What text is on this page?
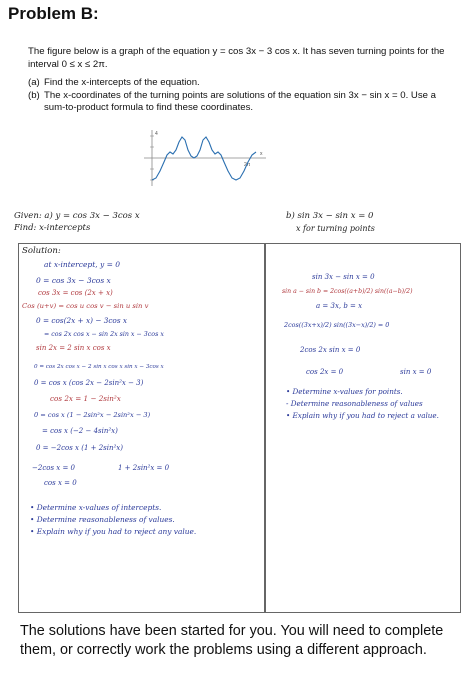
Problem B:

The figure below is a graph of the equation y = cos 3x − 3 cos x. It has seven turning points for the interval 0 ≤ x ≤ 2π.

(a) Find the x-intercepts of the equation.
(b) The x-coordinates of the turning points are solutions of the equation sin 3x − sin x = 0. Use a sum-to-product formula to find these coordinates.
4
2π
x
Given: a) y = cos 3x − 3cos x
Find: x-intercepts
b) sin 3x − sin x = 0
x for turning points
Solution:
at x-intercept, y = 0
0 = cos 3x − 3cos x
cos 3x = cos (2x + x)
Cos (u+v) = cos u cos v − sin u sin v
0 = cos(2x + x) − 3cos x
= cos 2x cos x − sin 2x sin x − 3cos x
sin 2x = 2 sin x cos x
0 = cos 2x cos x − 2 sin x cos x sin x − 3cos x
0 = cos x (cos 2x − 2sin²x − 3)
cos 2x = 1 − 2sin²x
0 = cos x (1 − 2sin²x − 2sin²x − 3)
= cos x (−2 − 4sin²x)
0 = −2cos x (1 + 2sin²x)
−2cos x = 0	1 + 2sin²x = 0
cos x = 0
• Determine x-values of intercepts.
• Determine reasonableness of values.
• Explain why if you had to reject any value.
sin 3x − sin x = 0
sin a − sin b = 2cos((a+b)/2) sin((a−b)/2)
a = 3x, b = x
2cos((3x+x)/2) sin((3x−x)/2) = 0
2cos 2x sin x = 0
cos 2x = 0	sin x = 0
• Determine x-values for points.
- Determine reasonableness of values
• Explain why if you had to reject a value.
The solutions have been started for you. You will need to complete them, or correctly work the problems using a different approach.
